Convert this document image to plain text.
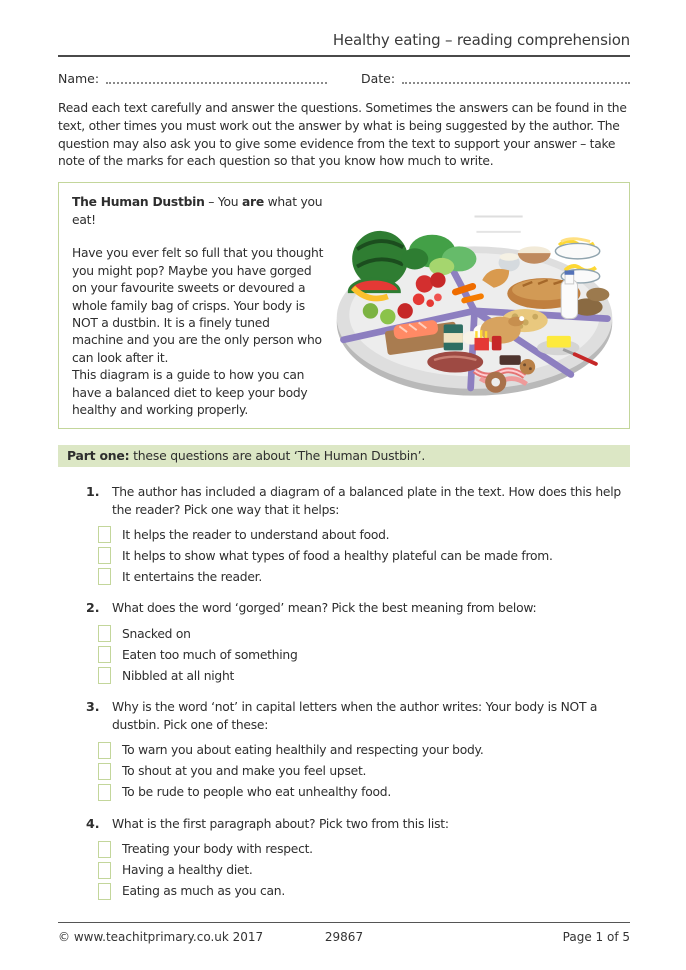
Healthy eating – reading comprehension
Name:	Date:
Read each text carefully and answer the questions. Sometimes the answers can be found in the text, other times you must work out the answer by what is being suggested by the author. The question may also ask you to give some evidence from the text to support your answer – take note of the marks for each question so that you know how much to write.
The Human Dustbin – You are what you eat!
Have you ever felt so full that you thought you might pop? Maybe you have gorged on your favourite sweets or devoured a whole family bag of crisps. Your body is NOT a dustbin. It is a finely tuned machine and you are the only person who can look after it.
This diagram is a guide to how you can have a balanced diet to keep your body healthy and working properly.
Part one: these questions are about ‘The Human Dustbin’.
1.	The author has included a diagram of a balanced plate in the text. How does this help the reader? Pick one way that it helps:
It helps the reader to understand about food.
It helps to show what types of food a healthy plateful can be made from.
It entertains the reader.
2.	What does the word ‘gorged’ mean? Pick the best meaning from below:
Snacked on
Eaten too much of something
Nibbled at all night
3.	Why is the word ‘not’ in capital letters when the author writes: Your body is NOT a dustbin. Pick one of these:
To warn you about eating healthily and respecting your body.
To shout at you and make you feel upset.
To be rude to people who eat unhealthy food.
4.	What is the first paragraph about? Pick two from this list:
Treating your body with respect.
Having a healthy diet.
Eating as much as you can.
© www.teachitprimary.co.uk 2017	29867	Page 1 of 5
